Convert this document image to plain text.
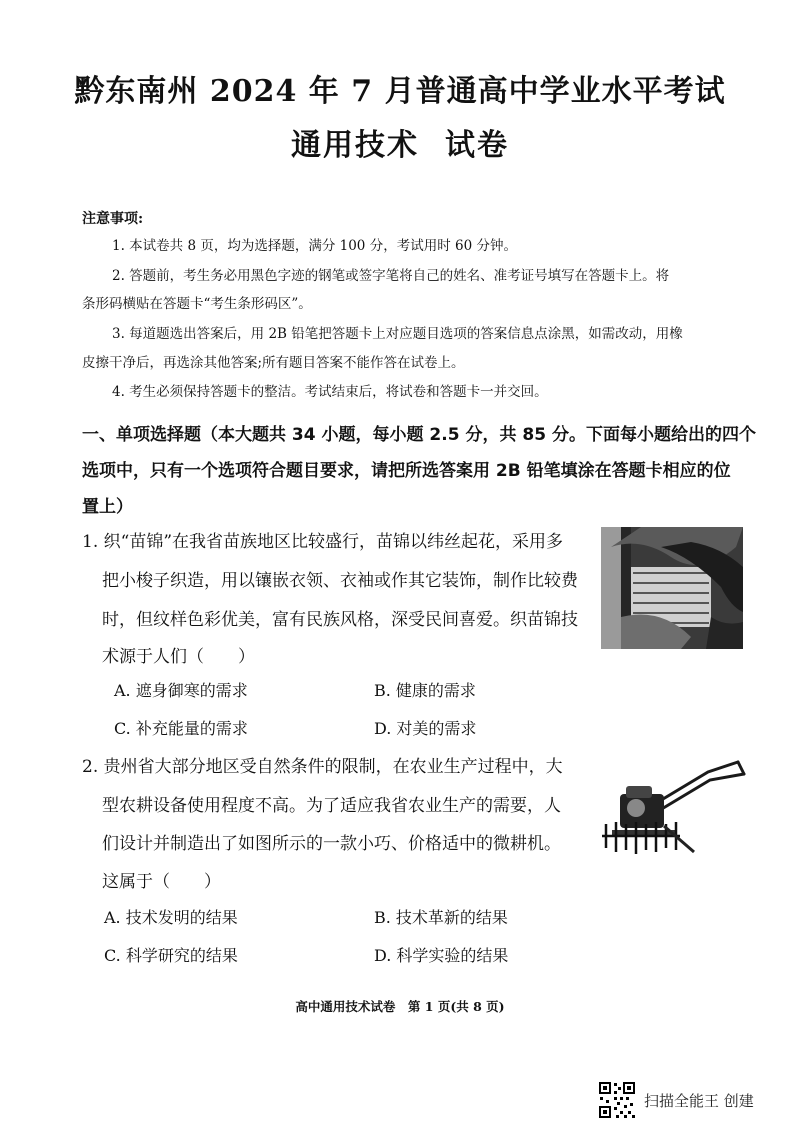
黔东南州 2024 年 7 月普通高中学业水平考试
通用技术 试卷
注意事项:
1. 本试卷共 8 页，均为选择题，满分 100 分，考试用时 60 分钟。
2. 答题前，考生务必用黑色字迹的钢笔或签字笔将自己的姓名、准考证号填写在答题卡上。将
条形码横贴在答题卡“考生条形码区”。
3. 每道题选出答案后，用 2B 铅笔把答题卡上对应题目选项的答案信息点涂黑，如需改动，用橡
皮擦干净后，再选涂其他答案;所有题目答案不能作答在试卷上。
4. 考生必须保持答题卡的整洁。考试结束后，将试卷和答题卡一并交回。
一、单项选择题（本大题共 34 小题，每小题 2.5 分，共 85 分。下面每小题给出的四个
选项中，只有一个选项符合题目要求，请把所选答案用 2B 铅笔填涂在答题卡相应的位
置上）
1. 织“苗锦”在我省苗族地区比较盛行，苗锦以纬丝起花，采用多
把小梭子织造，用以镶嵌衣领、衣袖或作其它装饰，制作比较费
时，但纹样色彩优美，富有民族风格，深受民间喜爱。织苗锦技
术源于人们（　　）
A. 遮身御寒的需求	B. 健康的需求
C. 补充能量的需求	D. 对美的需求
2. 贵州省大部分地区受自然条件的限制，在农业生产过程中，大
型农耕设备使用程度不高。为了适应我省农业生产的需要，人
们设计并制造出了如图所示的一款小巧、价格适中的微耕机。
这属于（　　）
A. 技术发明的结果	B. 技术革新的结果
C. 科学研究的结果	D. 科学实验的结果
高中通用技术试卷　第 1 页(共 8 页)
扫描全能王 创建
